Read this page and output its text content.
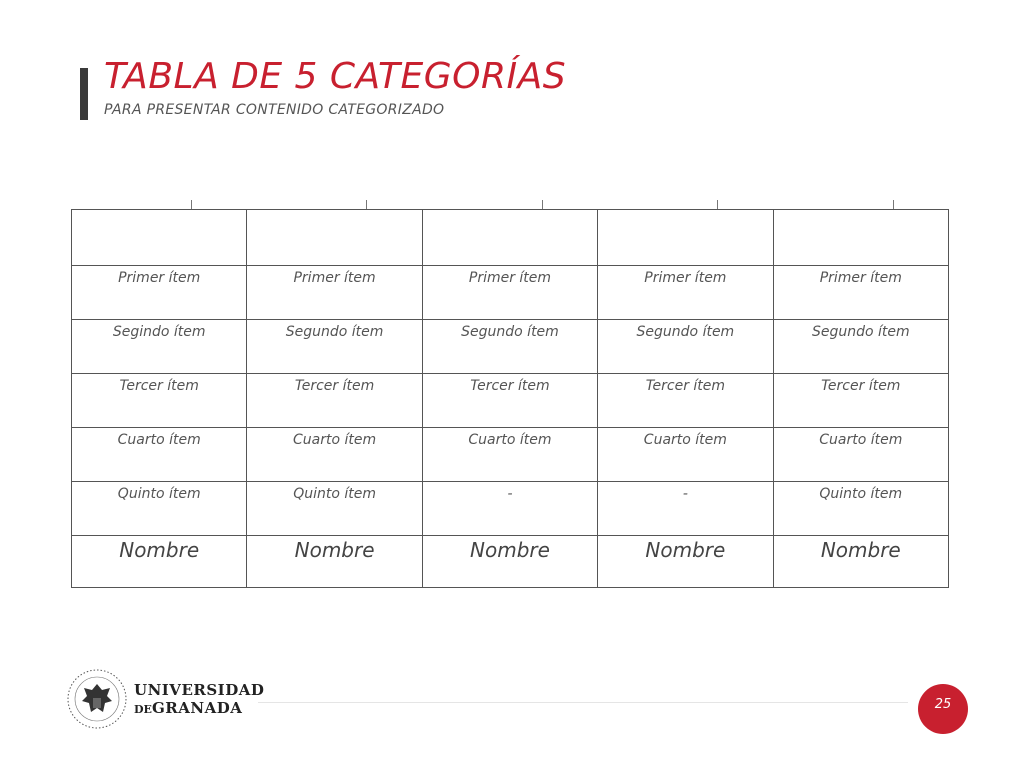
TABLA DE 5 CATEGORÍAS
PARA PRESENTAR CONTENIDO CATEGORIZADO

Primer ítem	Primer ítem	Primer ítem	Primer ítem	Primer ítem
Segindo ítem	Segundo ítem	Segundo ítem	Segundo ítem	Segundo ítem
Tercer ítem	Tercer ítem	Tercer ítem	Tercer ítem	Tercer ítem
Cuarto ítem	Cuarto ítem	Cuarto ítem	Cuarto ítem	Cuarto ítem
Quinto ítem	Quinto ítem	-	-	Quinto ítem
Nombre	Nombre	Nombre	Nombre	Nombre
UNIVERSIDAD
DEGRANADA	25
